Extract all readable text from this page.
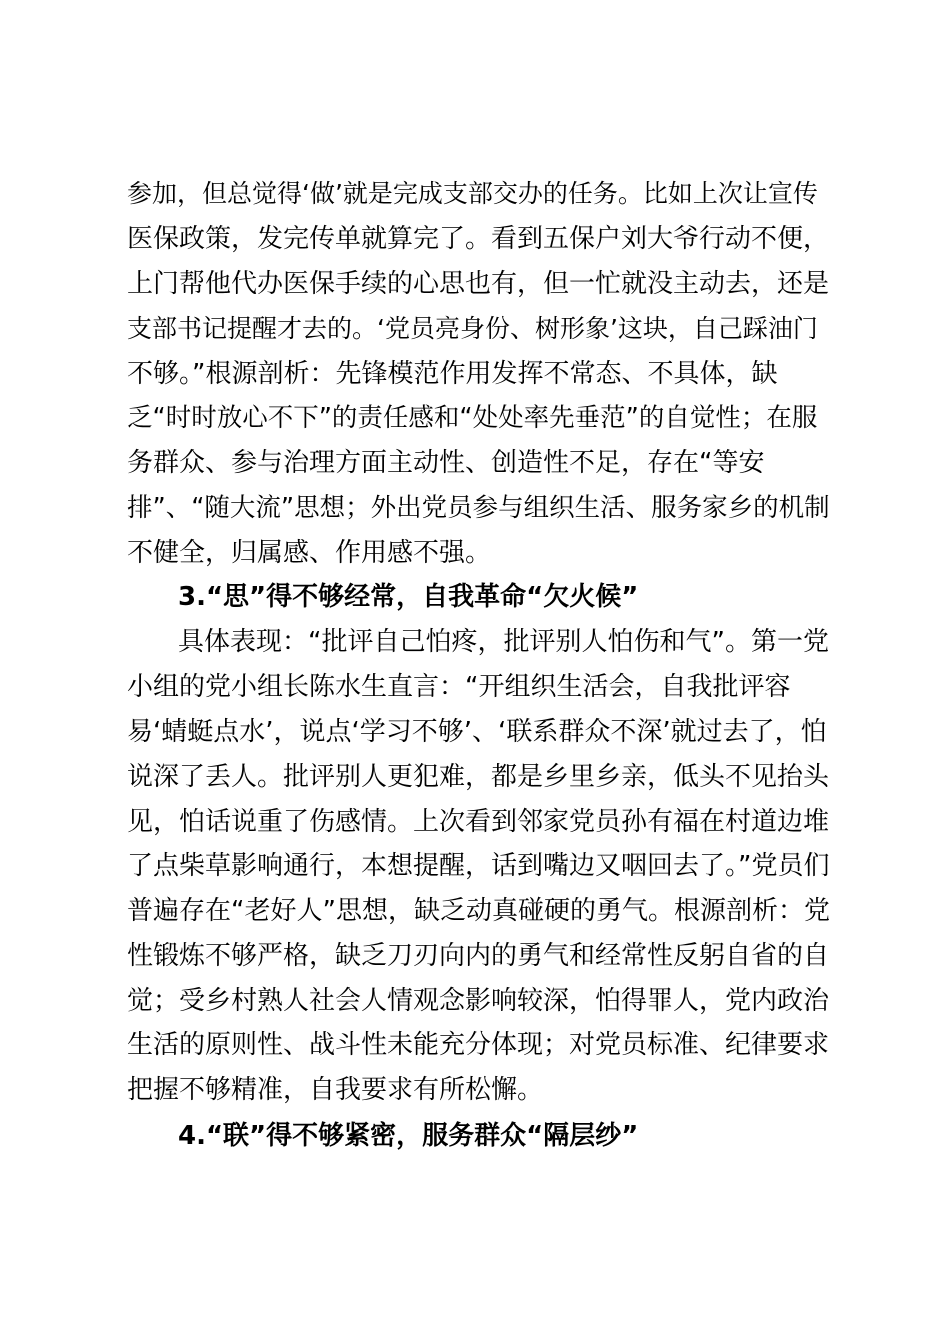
参加，但总觉得‘做’就是完成支部交办的任务。比如上次让宣传
医保政策，发完传单就算完了。看到五保户刘大爷行动不便，
上门帮他代办医保手续的心思也有，但一忙就没主动去，还是
支部书记提醒才去的。‘党员亮身份、树形象’这块，自己踩油门
不够。”根源剖析：先锋模范作用发挥不常态、不具体，缺
乏“时时放心不下”的责任感和“处处率先垂范”的自觉性；在服
务群众、参与治理方面主动性、创造性不足，存在“等安
排”、“随大流”思想；外出党员参与组织生活、服务家乡的机制
不健全，归属感、作用感不强。
3.“思”得不够经常，自我革命“欠火候”
具体表现：“批评自己怕疼，批评别人怕伤和气”。第一党
小组的党小组长陈水生直言：“开组织生活会，自我批评容
易‘蜻蜓点水’，说点‘学习不够’、‘联系群众不深’就过去了，怕
说深了丢人。批评别人更犯难，都是乡里乡亲，低头不见抬头
见，怕话说重了伤感情。上次看到邻家党员孙有福在村道边堆
了点柴草影响通行，本想提醒，话到嘴边又咽回去了。”党员们
普遍存在“老好人”思想，缺乏动真碰硬的勇气。根源剖析：党
性锻炼不够严格，缺乏刀刃向内的勇气和经常性反躬自省的自
觉；受乡村熟人社会人情观念影响较深，怕得罪人，党内政治
生活的原则性、战斗性未能充分体现；对党员标准、纪律要求
把握不够精准，自我要求有所松懈。
4.“联”得不够紧密，服务群众“隔层纱”
